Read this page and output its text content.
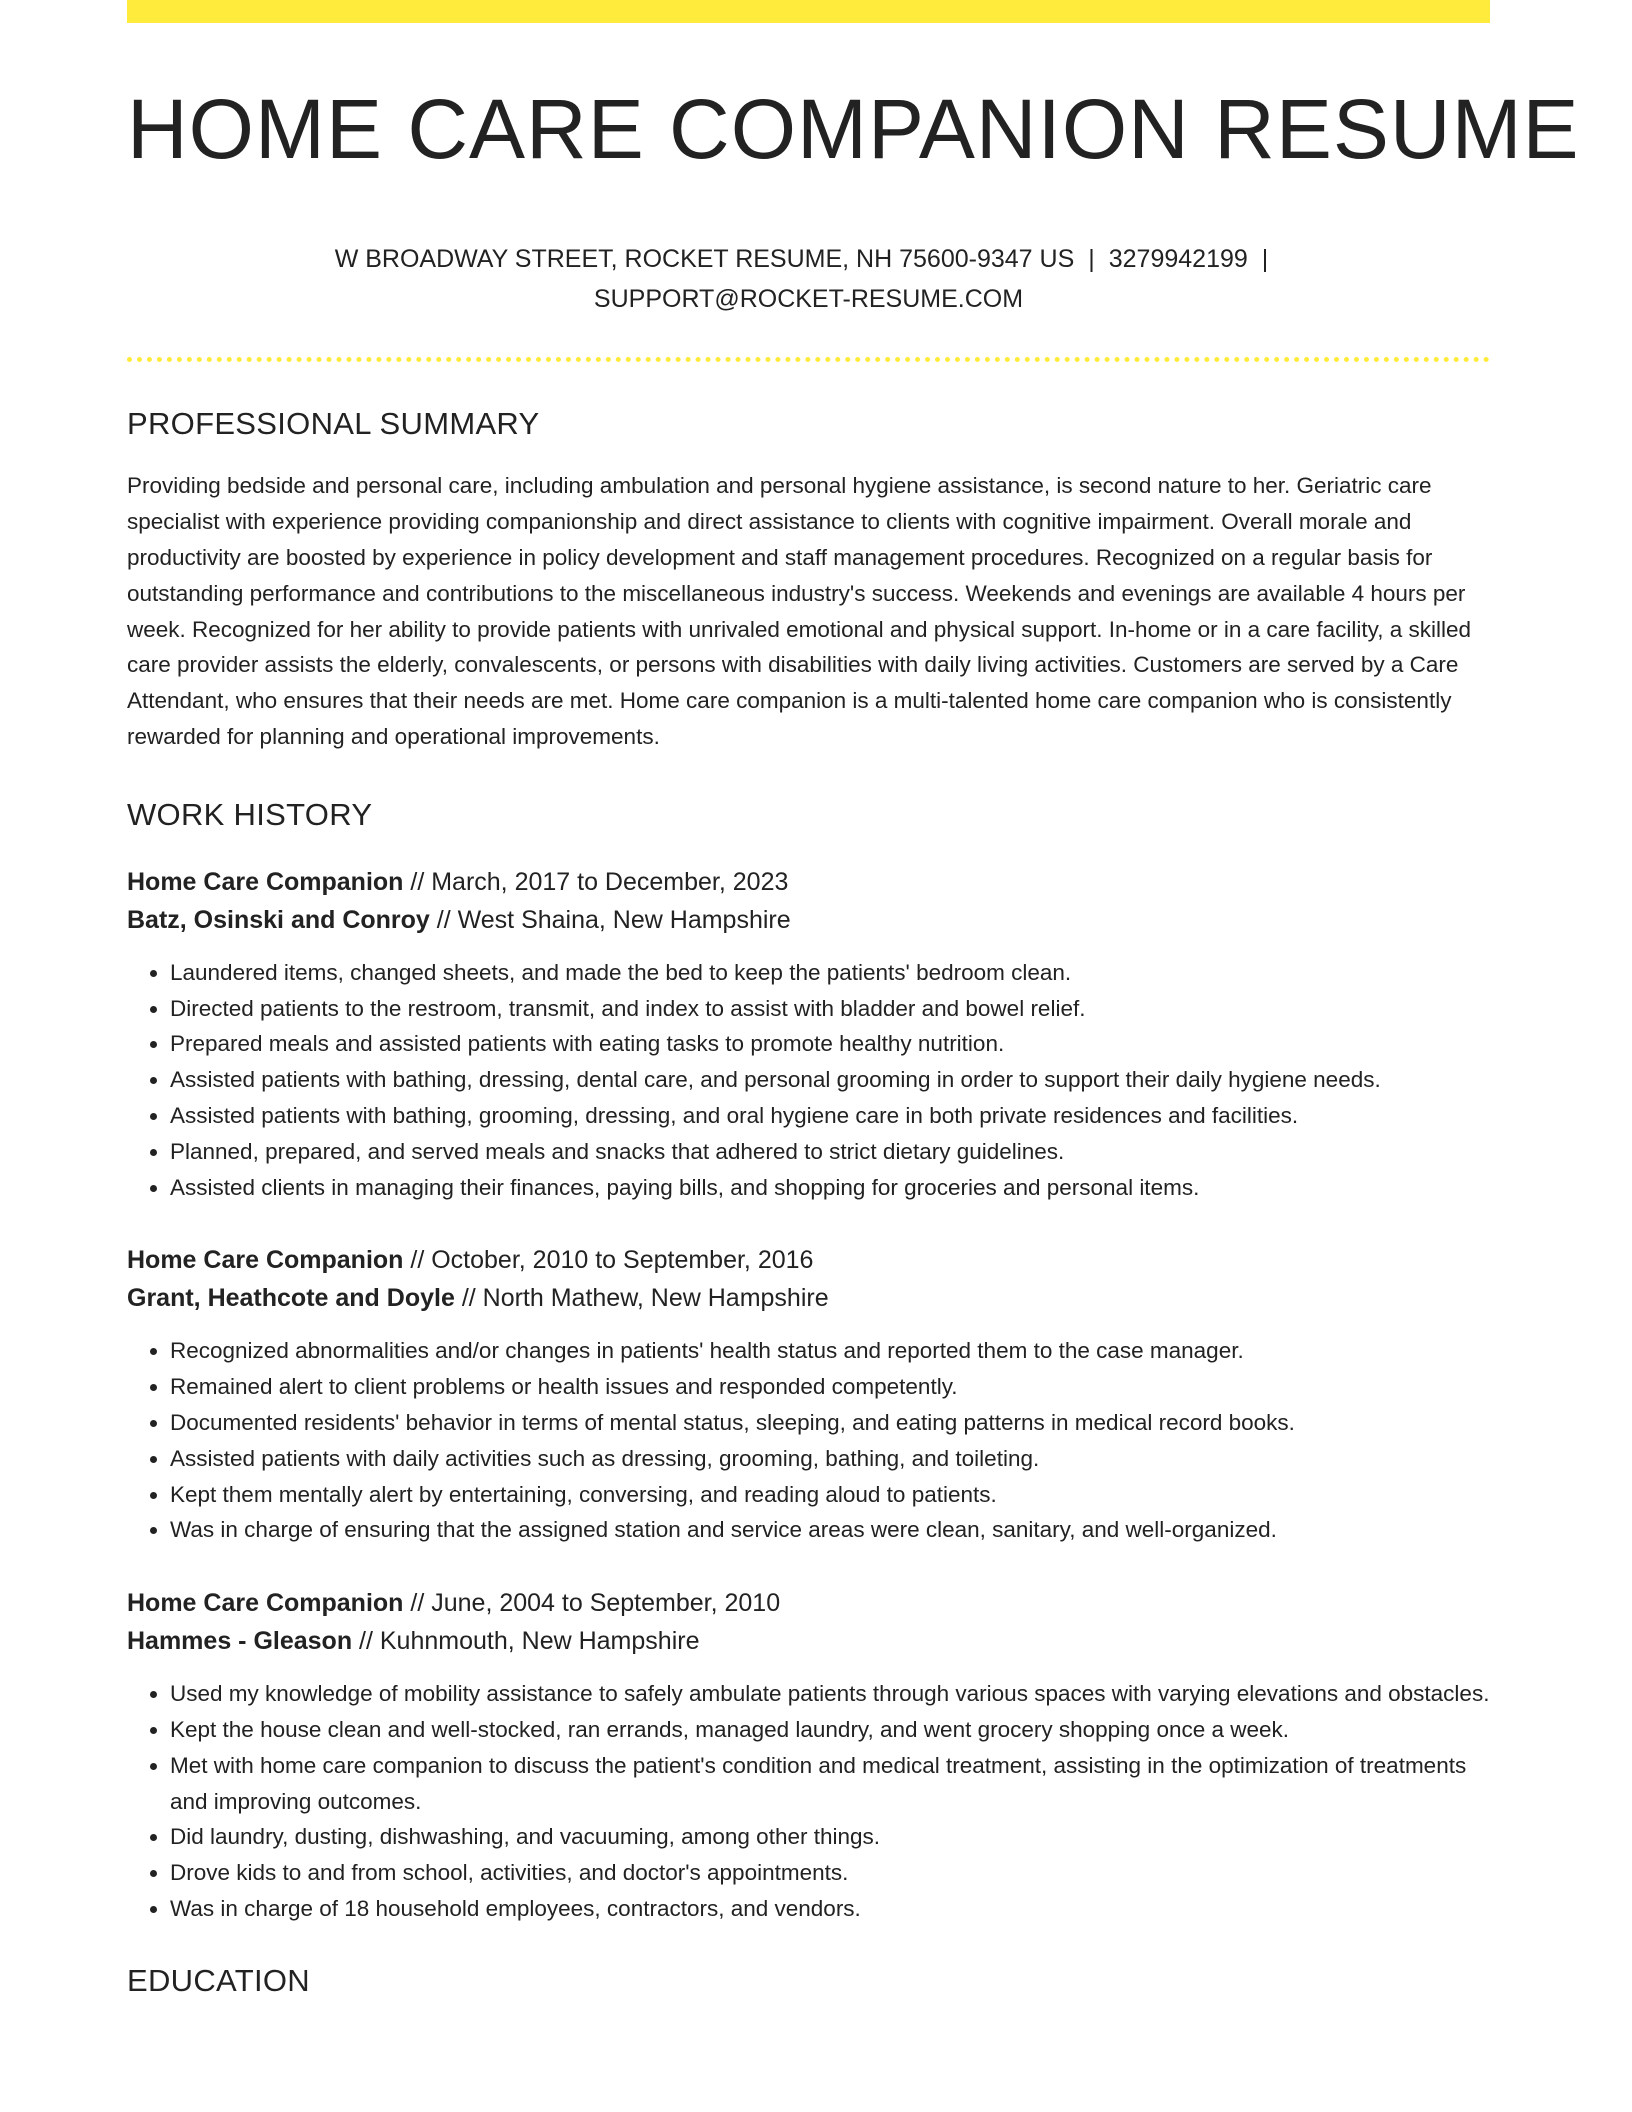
HOME CARE COMPANION RESUME
W BROADWAY STREET, ROCKET RESUME, NH 75600-9347 US | 3279942199 |
SUPPORT@ROCKET-RESUME.COM
PROFESSIONAL SUMMARY

Providing bedside and personal care, including ambulation and personal hygiene assistance, is second nature to her. Geriatric care specialist with experience providing companionship and direct assistance to clients with cognitive impairment. Overall morale and productivity are boosted by experience in policy development and staff management procedures. Recognized on a regular basis for outstanding performance and contributions to the miscellaneous industry's success. Weekends and evenings are available 4 hours per week. Recognized for her ability to provide patients with unrivaled emotional and physical support. In-home or in a care facility, a skilled care provider assists the elderly, convalescents, or persons with disabilities with daily living activities. Customers are served by a Care Attendant, who ensures that their needs are met. Home care companion is a multi-talented home care companion who is consistently rewarded for planning and operational improvements.

WORK HISTORY
Home Care Companion // March, 2017 to December, 2023
Batz, Osinski and Conroy // West Shaina, New Hampshire
• Laundered items, changed sheets, and made the bed to keep the patients' bedroom clean.
• Directed patients to the restroom, transmit, and index to assist with bladder and bowel relief.
• Prepared meals and assisted patients with eating tasks to promote healthy nutrition.
• Assisted patients with bathing, dressing, dental care, and personal grooming in order to support their daily hygiene needs.
• Assisted patients with bathing, grooming, dressing, and oral hygiene care in both private residences and facilities.
• Planned, prepared, and served meals and snacks that adhered to strict dietary guidelines.
• Assisted clients in managing their finances, paying bills, and shopping for groceries and personal items.
Home Care Companion // October, 2010 to September, 2016
Grant, Heathcote and Doyle // North Mathew, New Hampshire
• Recognized abnormalities and/or changes in patients' health status and reported them to the case manager.
• Remained alert to client problems or health issues and responded competently.
• Documented residents' behavior in terms of mental status, sleeping, and eating patterns in medical record books.
• Assisted patients with daily activities such as dressing, grooming, bathing, and toileting.
• Kept them mentally alert by entertaining, conversing, and reading aloud to patients.
• Was in charge of ensuring that the assigned station and service areas were clean, sanitary, and well-organized.
Home Care Companion // June, 2004 to September, 2010
Hammes - Gleason // Kuhnmouth, New Hampshire
• Used my knowledge of mobility assistance to safely ambulate patients through various spaces with varying elevations and obstacles.
• Kept the house clean and well-stocked, ran errands, managed laundry, and went grocery shopping once a week.
• Met with home care companion to discuss the patient's condition and medical treatment, assisting in the optimization of treatments and improving outcomes.
• Did laundry, dusting, dishwashing, and vacuuming, among other things.
• Drove kids to and from school, activities, and doctor's appointments.
• Was in charge of 18 household employees, contractors, and vendors.
EDUCATION
